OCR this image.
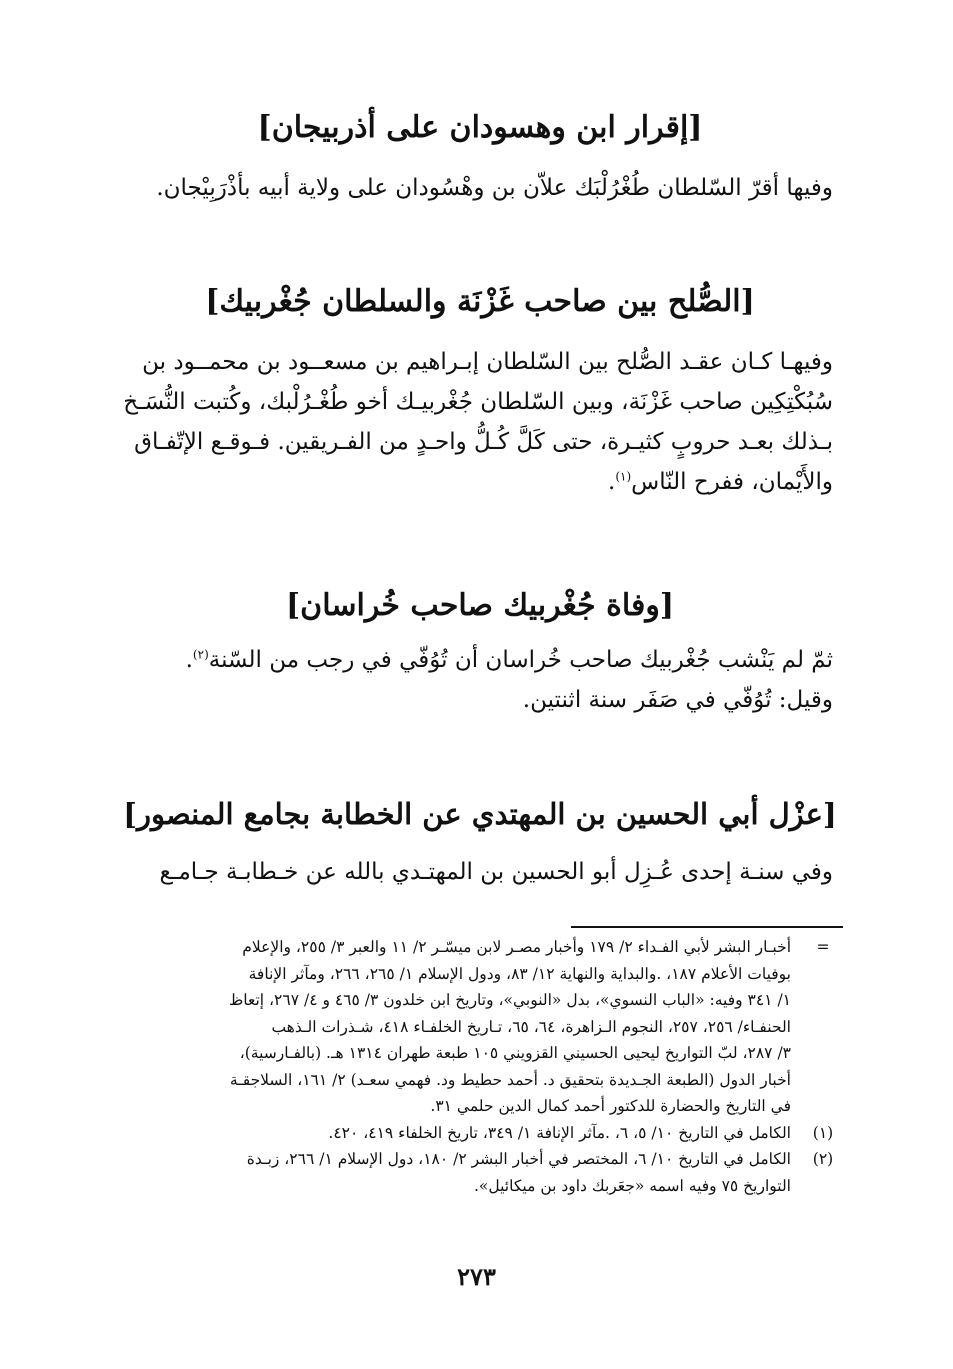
[إقرار ابن وهسودان على أذربيجان]
وفيها أقرّ السّلطان طُغْرُلْبَك علاّن بن وهْسُودان على ولاية أبيه بأذْرَبِيْجان.
[الصُّلح بين صاحب غَزْنَة والسلطان جُغْربيك]
وفيهـا كـان عقـد الصُّلح بين السّلطان إبـراهيم بن مسعــود بن محمــود بن
سُبُكْتِكِين صاحب غَزْنَة، وبين السّلطان جُغْربيـك أخو طُغْـرُلْبك، وكُتبت النُّسَـخ
بـذلك بعـد حروبٍ كثيـرة، حتى كَلَّ كُـلُّ واحـدٍ من الفـريقين. فـوقـع الإتّفـاق
والأَيْمان، ففرح النّاس$^{(١)}$.
[وفاة جُغْربيك صاحب خُراسان]
ثمّ لم يَنْشب جُغْربيك صاحب خُراسان أن تُوُفّي في رجب من السّنة$^{(٢)}$.
وقيل: تُوُفّي في صَفَر سنة اثنتين.
[عزْل أبي الحسين بن المهتدي عن الخطابة بجامع المنصور]
وفي سنـة إحدى عُـزِل أبو الحسين بن المهتـدي بالله عن خـطابـة جـامـع
=
أخبـار البشر لأبي الفـداء ٢/ ١٧٩ وأخبار مصـر لابن ميسّـر ٢/ ١١ والعبر ٣/ ٢٥٥، والإعلام
بوفيات الأعلام ١٨٧، .والبداية والنهاية ١٢/ ٨٣، ودول الإسلام ١/ ٢٦٥، ٢٦٦، ومآثر الإنافة
١/ ٣٤١ وفيه: «الباب النسوي»، بدل «النوبي»، وتاريخ ابن خلدون ٣/ ٤٦٥ و ٤/ ٢٦٧، إتعاظ
الحنفـاء/ ٢٥٦، ٢٥٧، النجوم الـزاهرة، ٦٤، ٦٥، تـاريخ الخلفـاء ٤١٨، شـذرات الـذهب
٣/ ٢٨٧، لبّ التواريخ ليحيى الحسيني القزويني ١٠٥ طبعة طهران ١٣١٤ هـ. (بالفـارسية)،
أخبار الدول (الطبعة الجـديدة بتحقيق د. أحمد حطيط ود. فهمي سعـد) ٢/ ١٦١، السلاجقـة
في التاريخ والحضارة للدكتور أحمد كمال الدين حلمي ٣١.
(١)
الكامل في التاريخ ١٠/ ٥، ٦، .مآثر الإنافة ١/ ٣٤٩، تاريخ الخلفاء ٤١٩، ٤٢٠.
(٢)
الكامل في التاريخ ١٠/ ٦، المختصر في أخبار البشر ٢/ ١٨٠، دول الإسلام ١/ ٢٦٦، زبـدة
التواريخ ٧٥ وفيه اسمه «جعَربك داود بن ميكائيل».
٢٧٣
